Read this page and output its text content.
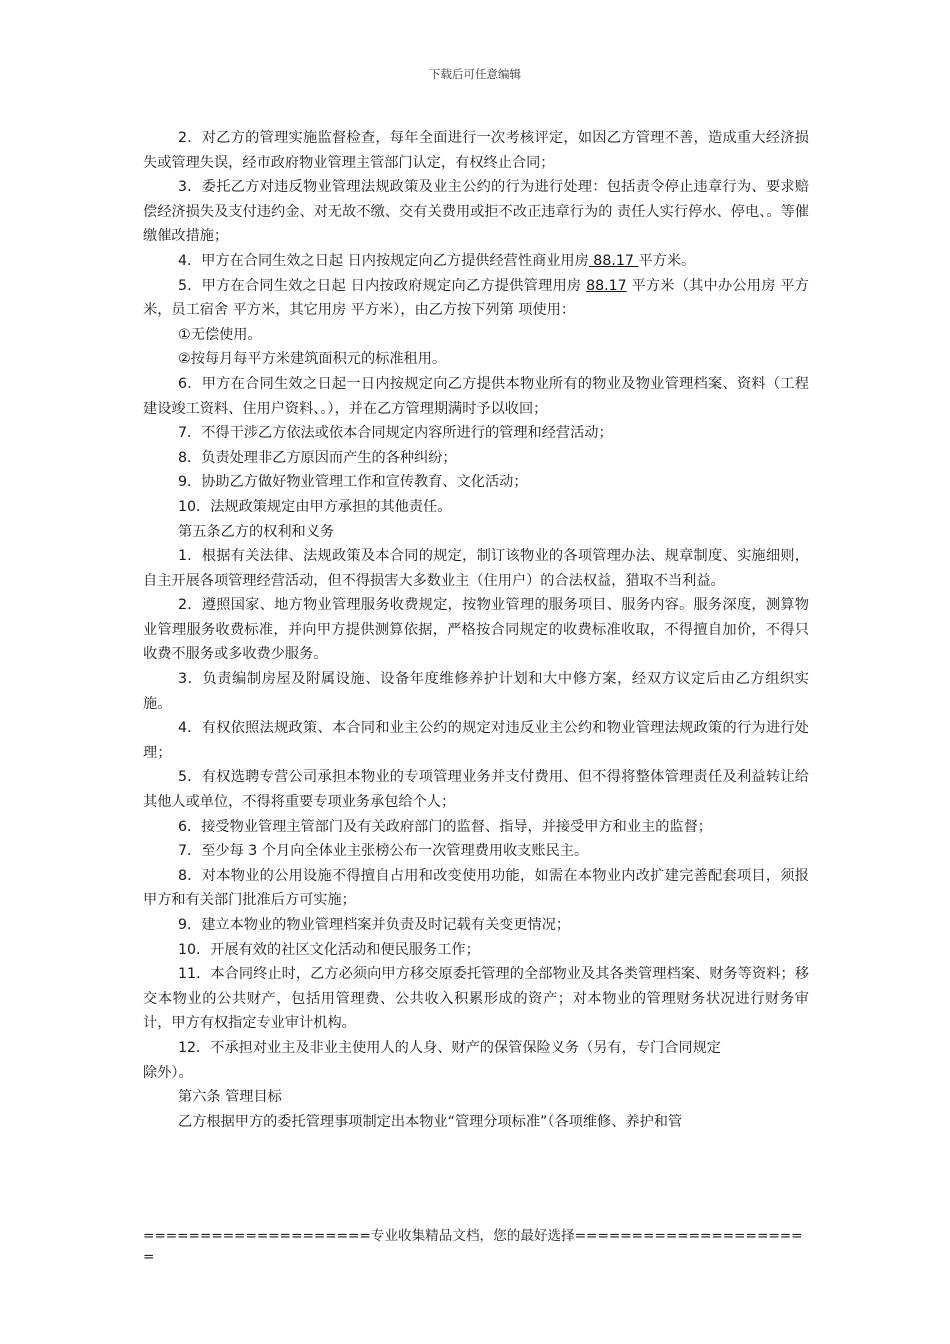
下载后可任意编辑

2．对乙方的管理实施监督检查，每年全面进行一次考核评定，如因乙方管理不善，造成重大经济损失或管理失误，经市政府物业管理主管部门认定，有权终止合同；

3．委托乙方对违反物业管理法规政策及业主公约的行为进行处理：包括责令停止违章行为、要求赔偿经济损失及支付违约金、对无故不缴、交有关费用或拒不改正违章行为的 责任人实行停水、停电、。等催缴催改措施；

4．甲方在合同生效之日起 日内按规定向乙方提供经营性商业用房 88.17 平方米。

5．甲方在合同生效之日起 日内按政府规定向乙方提供管理用房 88.17 平方米（其中办公用房 平方米，员工宿舍 平方米，其它用房 平方米），由乙方按下列第 项使用：

①无偿使用。

②按每月每平方米建筑面积元的标准租用。

6．甲方在合同生效之日起一日内按规定向乙方提供本物业所有的物业及物业管理档案、资料（工程建设竣工资料、住用户资料、。），并在乙方管理期满时予以收回；

7．不得干涉乙方依法或依本合同规定内容所进行的管理和经营活动；

8．负责处理非乙方原因而产生的各种纠纷；

9．协助乙方做好物业管理工作和宣传教育、文化活动；

10．法规政策规定由甲方承担的其他责任。

第五条乙方的权利和义务

1．根据有关法律、法规政策及本合同的规定，制订该物业的各项管理办法、规章制度、实施细则，自主开展各项管理经营活动，但不得损害大多数业主（住用户）的合法权益，猎取不当利益。

2．遵照国家、地方物业管理服务收费规定，按物业管理的服务项目、服务内容。服务深度，测算物业管理服务收费标准，并向甲方提供测算依据，严格按合同规定的收费标准收取，不得擅自加价，不得只收费不服务或多收费少服务。

3．负责编制房屋及附属设施、设备年度维修养护计划和大中修方案，经双方议定后由乙方组织实施。

4．有权依照法规政策、本合同和业主公约的规定对违反业主公约和物业管理法规政策的行为进行处理；

5．有权选聘专营公司承担本物业的专项管理业务并支付费用、但不得将整体管理责任及利益转让给其他人或单位，不得将重要专项业务承包给个人；

6．接受物业管理主管部门及有关政府部门的监督、指导，并接受甲方和业主的监督；

7．至少每 3 个月向全体业主张榜公布一次管理费用收支账民主。

8．对本物业的公用设施不得擅自占用和改变使用功能，如需在本物业内改扩建完善配套项目，须报甲方和有关部门批准后方可实施；

9．建立本物业的物业管理档案并负责及时记载有关变更情况；

10．开展有效的社区文化活动和便民服务工作；

11．本合同终止时，乙方必须向甲方移交原委托管理的全部物业及其各类管理档案、财务等资料；移交本物业的公共财产，包括用管理费、公共收入积累形成的资产；对本物业的管理财务状况进行财务审计，甲方有权指定专业审计机构。

12．不承担对业主及非业主使用人的人身、财产的保管保险义务（另有，专门合同规定

除外）。

第六条 管理目标

乙方根据甲方的委托管理事项制定出本物业“管理分项标准”（各项维修、养护和管

====================专业收集精品文档，您的最好选择=====================
